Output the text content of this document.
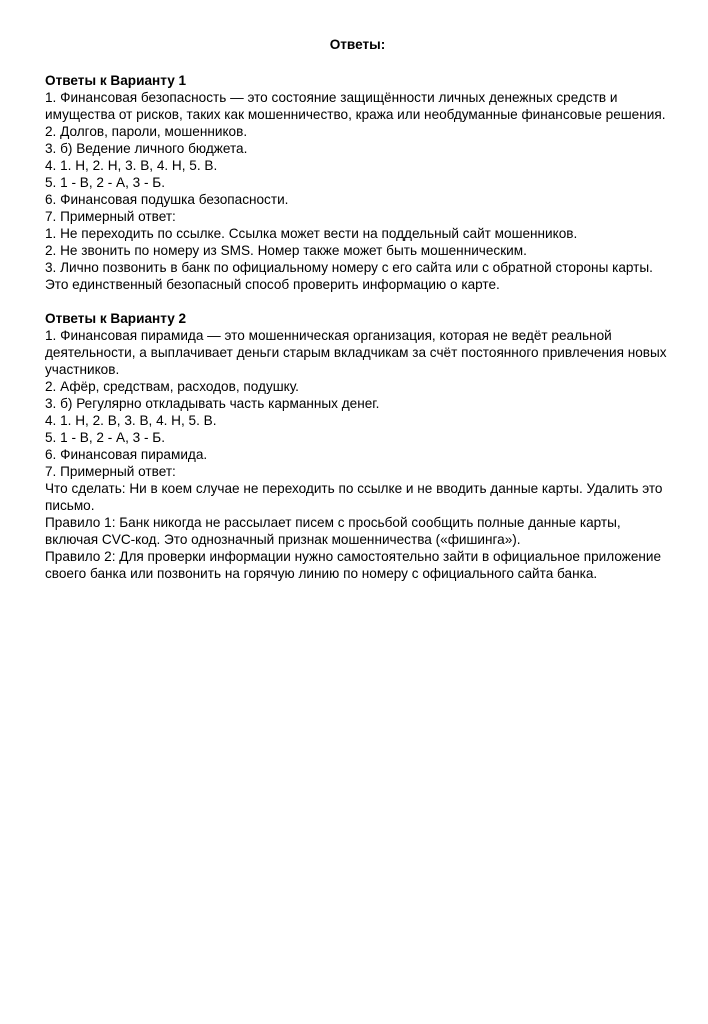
Ответы:

Ответы к Варианту 1

1. Финансовая безопасность — это состояние защищённости личных денежных средств и имущества от рисков, таких как мошенничество, кража или необдуманные финансовые решения.

2. Долгов, пароли, мошенников.

3. б) Ведение личного бюджета.

4. 1. Н, 2. Н, 3. В, 4. Н, 5. В.

5. 1 - В, 2 - А, 3 - Б.

6. Финансовая подушка безопасности.

7. Примерный ответ:

1. Не переходить по ссылке. Ссылка может вести на поддельный сайт мошенников.

2. Не звонить по номеру из SMS. Номер также может быть мошенническим.

3. Лично позвонить в банк по официальному номеру с его сайта или с обратной стороны карты. Это единственный безопасный способ проверить информацию о карте.

Ответы к Варианту 2

1. Финансовая пирамида — это мошенническая организация, которая не ведёт реальной деятельности, а выплачивает деньги старым вкладчикам за счёт постоянного привлечения новых участников.

2. Афёр, средствам, расходов, подушку.

3. б) Регулярно откладывать часть карманных денег.

4. 1. Н, 2. В, 3. В, 4. Н, 5. В.

5. 1 - В, 2 - А, 3 - Б.

6. Финансовая пирамида.

7. Примерный ответ:

Что сделать: Ни в коем случае не переходить по ссылке и не вводить данные карты. Удалить это письмо.

Правило 1: Банк никогда не рассылает писем с просьбой сообщить полные данные карты, включая CVC-код. Это однозначный признак мошенничества («фишинга»).

Правило 2: Для проверки информации нужно самостоятельно зайти в официальное приложение своего банка или позвонить на горячую линию по номеру с официального сайта банка.
